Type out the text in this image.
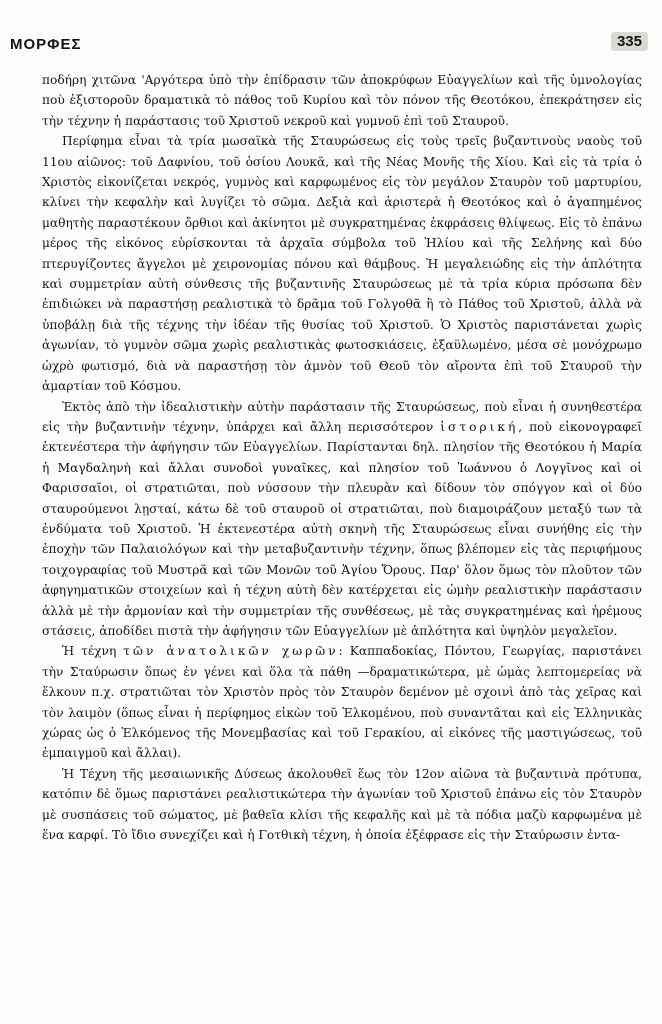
ΜΟΡΦΕΣ	335

ποδήρη χιτῶνα 'Αργότερα ὑπὸ τὴν ἐπίδρασιν τῶν ἀποκρύφων Εὐαγγελίων καὶ τῆς ὑμνολογίας ποὺ ἐξιστοροῦν δραματικὰ τὸ πάθος τοῦ Κυρίου καὶ τὸν πόνον τῆς Θεοτόκου, ἐπεκράτησεν εἰς τὴν τέχνην ἡ παράστασις τοῦ Χριστοῦ νεκροῦ καὶ γυμνοῦ ἐπὶ τοῦ Σταυροῦ.

Περίφημα εἶναι τὰ τρία μωσαϊκὰ τῆς Σταυρώσεως εἰς τοὺς τρεῖς βυζαντινοὺς ναοὺς τοῦ 11ου αἰῶνος: τοῦ Δαφνίου, τοῦ ὁσίου Λουκᾶ, καὶ τῆς Νέας Μονῆς τῆς Χίου. Καὶ εἰς τὰ τρία ὁ Χριστὸς εἰκονίζεται νεκρός, γυμνὸς καὶ καρφωμένος εἰς τὸν μεγάλον Σταυρὸν τοῦ μαρτυρίου, κλίνει τὴν κεφαλὴν καὶ λυγίζει τὸ σῶμα. Δεξιὰ καὶ ἀριστερὰ ἡ Θεοτόκος καὶ ὁ ἀγαπημένος μαθητὴς παραστέκουν ὄρθιοι καὶ ἀκίνητοι μὲ συγκρατημένας ἐκφράσεις θλίψεως. Εἰς τὸ ἐπάνω μέρος τῆς εἰκόνος εὑρίσκονται τὰ ἀρχαῖα σύμβολα τοῦ Ἡλίου καὶ τῆς Σελήνης καὶ δύο πτερυγίζοντες ἄγγελοι μὲ χειρονομίας πόνου καὶ θάμβους. Ἡ μεγαλειώδης εἰς τὴν ἁπλότητα καὶ συμμετρίαν αὐτὴ σύνθεσις τῆς βυζαντινῆς Σταυρώσεως μὲ τὰ τρία κύρια πρόσωπα δὲν ἐπιδιώκει νὰ παραστήσῃ ρεαλιστικὰ τὸ δρᾶμα τοῦ Γολγοθᾶ ἢ τὸ Πάθος τοῦ Χριστοῦ, ἀλλὰ νὰ ὑποβάλῃ διὰ τῆς τέχνης τὴν ἰδέαν τῆς θυσίας τοῦ Χριστοῦ. Ὁ Χριστὸς παριστάνεται χωρὶς ἀγωνίαν, τὸ γυμνὸν σῶμα χωρὶς ρεαλιστικὰς φωτοσκιάσεις, ἐξαϋλωμένο, μέσα σὲ μονόχρωμο ὠχρὸ φωτισμό, διὰ νὰ παραστήσῃ τὸν ἀμνὸν τοῦ Θεοῦ τὸν αἴροντα ἐπὶ τοῦ Σταυροῦ τὴν ἁμαρτίαν τοῦ Κόσμου.

Ἐκτὸς ἀπὸ τὴν ἰδεαλιστικὴν αὐτὴν παράστασιν τῆς Σταυρώσεως, ποὺ εἶναι ἡ συνηθεστέρα εἰς τὴν βυζαντινὴν τέχνην, ὑπάρχει καὶ ἄλλη περισσότερον ἱστορική, ποὺ εἰκονογραφεῖ ἐκτενέστερα τὴν ἀφήγησιν τῶν Εὐαγγελίων. Παρίστανται δηλ. πλησίον τῆς Θεοτόκου ἡ Μαρία ἡ Μαγδαληνὴ καὶ ἄλλαι συνοδοὶ γυναῖκες, καὶ πλησίον τοῦ Ἰωάννου ὁ Λογγῖνος καὶ οἱ Φαρισσαῖοι, οἱ στρατιῶται, ποὺ νύσσουν τὴν πλευρὰν καὶ δίδουν τὸν σπόγγον καὶ οἱ δύο σταυρούμενοι λῃσταί, κάτω δὲ τοῦ σταυροῦ οἱ στρατιῶται, ποὺ διαμοιράζουν μεταξύ των τὰ ἐνδύματα τοῦ Χριστοῦ. Ἡ ἐκτενεστέρα αὐτὴ σκηνὴ τῆς Σταυρώσεως εἶναι συνήθης εἰς τὴν ἐποχὴν τῶν Παλαιολόγων καὶ τὴν μεταβυζαντινὴν τέχνην, ὅπως βλέπομεν εἰς τὰς περιφήμους τοιχογραφίας τοῦ Μυστρᾶ καὶ τῶν Μονῶν τοῦ Ἁγίου Ὄρους. Παρ' ὅλον ὅμως τὸν πλοῦτον τῶν ἀφηγηματικῶν στοιχείων καὶ ἡ τέχνη αὐτὴ δὲν κατέρχεται εἰς ὠμὴν ρεαλιστικὴν παράστασιν ἀλλὰ μὲ τὴν ἁρμονίαν καὶ τὴν συμμετρίαν τῆς συνθέσεως, μὲ τὰς συγκρατημένας καὶ ἠρέμους στάσεις, ἀποδίδει πιστὰ τὴν ἀφήγησιν τῶν Εὐαγγελίων μὲ ἁπλότητα καὶ ὑψηλὸν μεγαλεῖον.

Ἡ τέχνη τῶν ἀνατολικῶν χωρῶν: Καππαδοκίας, Πόντου, Γεωργίας, παριστάνει τὴν Σταύρωσιν ὅπως ἐν γένει καὶ ὅλα τὰ πάθη —δραματικώτερα, μὲ ὠμὰς λεπτομερείας νὰ ἕλκουν π.χ. στρατιῶται τὸν Χριστὸν πρὸς τὸν Σταυρὸν δεμένον μὲ σχοινὶ ἀπὸ τὰς χεῖρας καὶ τὸν λαιμὸν (ὅπως εἶναι ἡ περίφημος εἰκὼν τοῦ Ἑλκομένου, ποὺ συναντᾶται καὶ εἰς Ἑλληνικὰς χώρας ὡς ὁ Ἑλκόμενος τῆς Μονεμβασίας καὶ τοῦ Γερακίου, αἱ εἰκόνες τῆς μαστιγώσεως, τοῦ ἐμπαιγμοῦ καὶ ἄλλαι).

Ἡ Τέχνη τῆς μεσαιωνικῆς Δύσεως ἀκολουθεῖ ἕως τὸν 12ον αἰῶνα τὰ βυζαντινὰ πρότυπα, κατόπιν δὲ ὅμως παριστάνει ρεαλιστικώτερα τὴν ἀγωνίαν τοῦ Χριστοῦ ἐπάνω εἰς τὸν Σταυρὸν μὲ συσπάσεις τοῦ σώματος, μὲ βαθεῖα κλίσι τῆς κεφαλῆς καὶ μὲ τὰ πόδια μαζὺ καρφωμένα μὲ ἕνα καρφί. Τὸ ἴδιο συνεχίζει καὶ ἡ Γοτθικὴ τέχνη, ἡ ὁποία ἐξέφρασε εἰς τὴν Σταύρωσιν ἐντα-
